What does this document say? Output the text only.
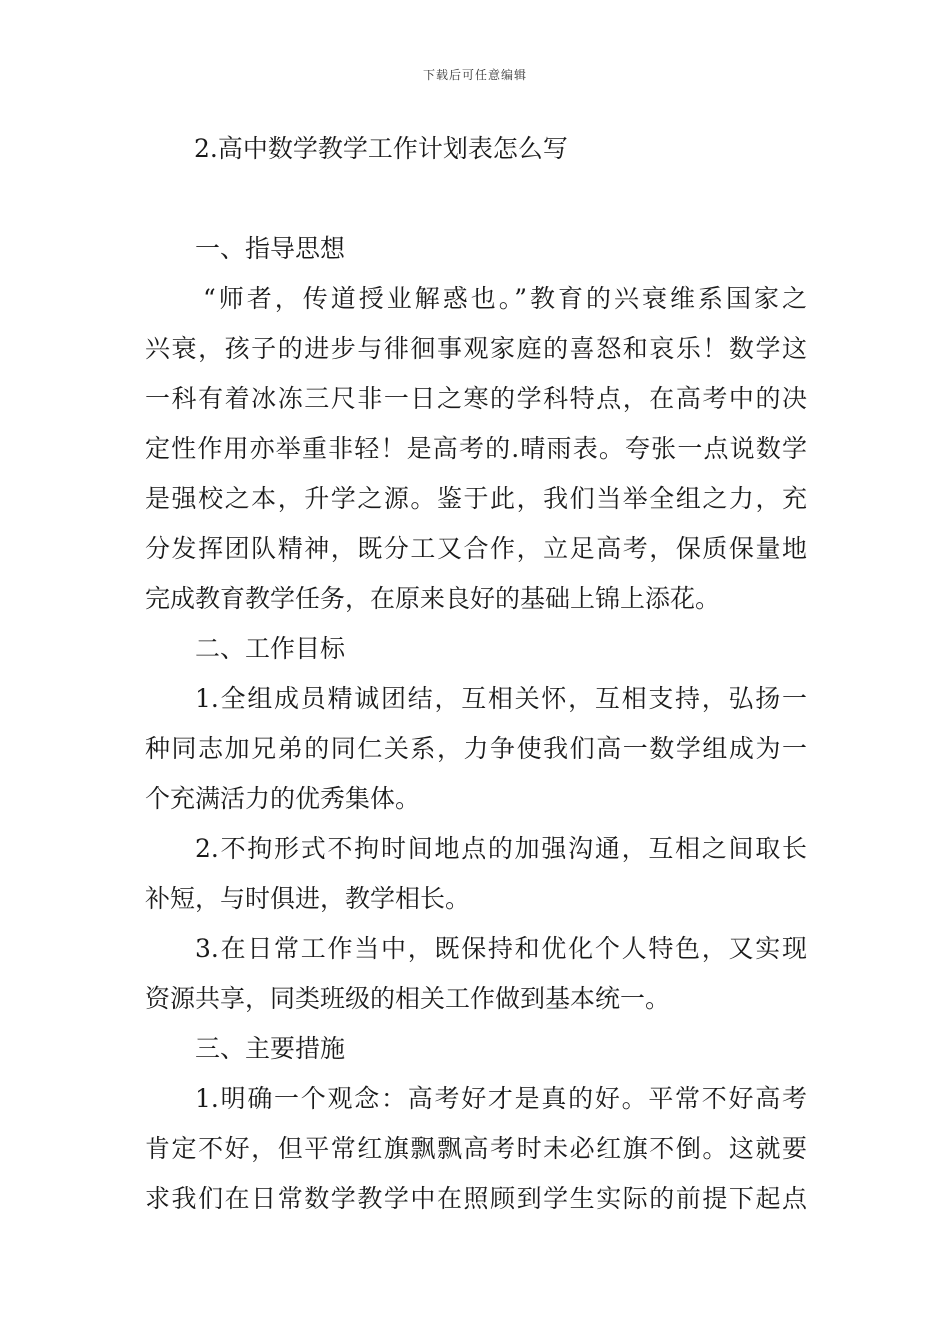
下载后可任意编辑
2.高中数学教学工作计划表怎么写
一、指导思想
“师者，传道授业解惑也。”教育的兴衰维系国家之
兴衰，孩子的进步与徘徊事观家庭的喜怒和哀乐！数学这
一科有着冰冻三尺非一日之寒的学科特点，在高考中的决
定性作用亦举重非轻！是高考的.晴雨表。夸张一点说数学
是强校之本，升学之源。鉴于此，我们当举全组之力，充
分发挥团队精神，既分工又合作，立足高考，保质保量地
完成教育教学任务，在原来良好的基础上锦上添花。
二、工作目标
1.全组成员精诚团结，互相关怀，互相支持，弘扬一
种同志加兄弟的同仁关系，力争使我们高一数学组成为一
个充满活力的优秀集体。
2.不拘形式不拘时间地点的加强沟通，互相之间取长
补短，与时俱进，教学相长。
3.在日常工作当中，既保持和优化个人特色，又实现
资源共享，同类班级的相关工作做到基本统一。
三、主要措施
1.明确一个观念：高考好才是真的好。平常不好高考
肯定不好，但平常红旗飘飘高考时未必红旗不倒。这就要
求我们在日常数学教学中在照顾到学生实际的前提下起点
